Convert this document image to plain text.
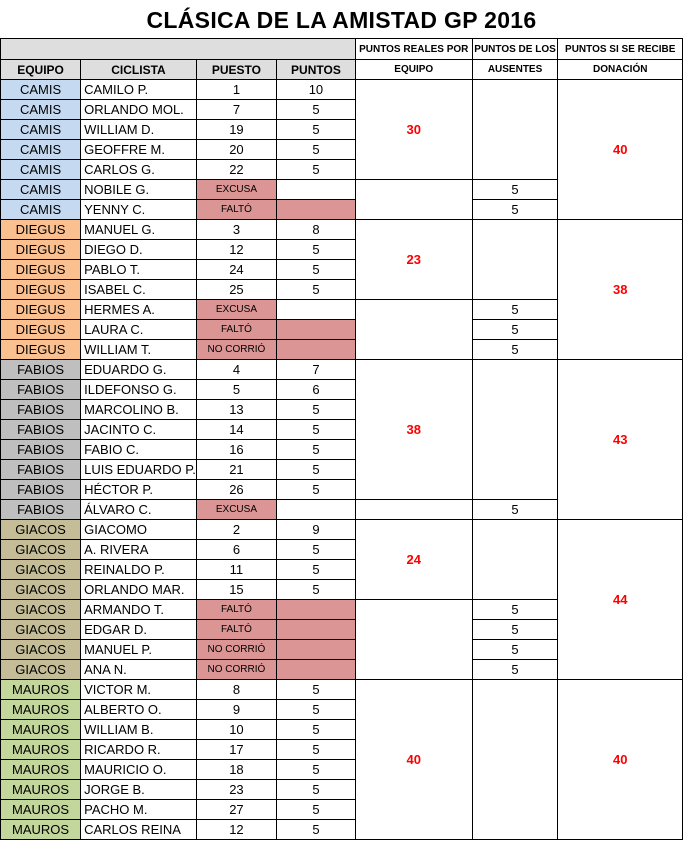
CLÁSICA DE LA AMISTAD GP 2016
				PUNTOS REALES POR	PUNTOS DE LOS	PUNTOS SI SE RECIBE
EQUIPO	CICLISTA	PUESTO	PUNTOS	EQUIPO	AUSENTES	DONACIÓN
CAMIS	CAMILO P.	1	10	30		40
CAMIS	ORLANDO MOL.	7	5			
CAMIS	WILLIAM D.	19	5			
CAMIS	GEOFFRE M.	20	5			
CAMIS	CARLOS G.	22	5			
CAMIS	NOBILE G.	EXCUSA			5	
CAMIS	YENNY C.	FALTÓ			5	
DIEGUS	MANUEL G.	3	8	23		38
DIEGUS	DIEGO D.	12	5			
DIEGUS	PABLO T.	24	5			
DIEGUS	ISABEL C.	25	5			
DIEGUS	HERMES A.	EXCUSA			5	
DIEGUS	LAURA C.	FALTÓ			5	
DIEGUS	WILLIAM T.	NO CORRIÓ			5	
FABIOS	EDUARDO G.	4	7	38		43
FABIOS	ILDEFONSO G.	5	6			
FABIOS	MARCOLINO B.	13	5			
FABIOS	JACINTO C.	14	5			
FABIOS	FABIO C.	16	5			
FABIOS	LUIS EDUARDO P.	21	5			
FABIOS	HÉCTOR P.	26	5			
FABIOS	ÁLVARO C.	EXCUSA			5	
GIACOS	GIACOMO	2	9	24		44
GIACOS	A. RIVERA	6	5			
GIACOS	REINALDO P.	11	5			
GIACOS	ORLANDO MAR.	15	5			
GIACOS	ARMANDO T.	FALTÓ			5	
GIACOS	EDGAR D.	FALTÓ			5	
GIACOS	MANUEL P.	NO CORRIÓ			5	
GIACOS	ANA N.	NO CORRIÓ			5	
MAUROS	VICTOR M.	8	5	40		40
MAUROS	ALBERTO O.	9	5			
MAUROS	WILLIAM B.	10	5			
MAUROS	RICARDO R.	17	5			
MAUROS	MAURICIO O.	18	5			
MAUROS	JORGE B.	23	5			
MAUROS	PACHO M.	27	5			
MAUROS	CARLOS REINA	12	5			
